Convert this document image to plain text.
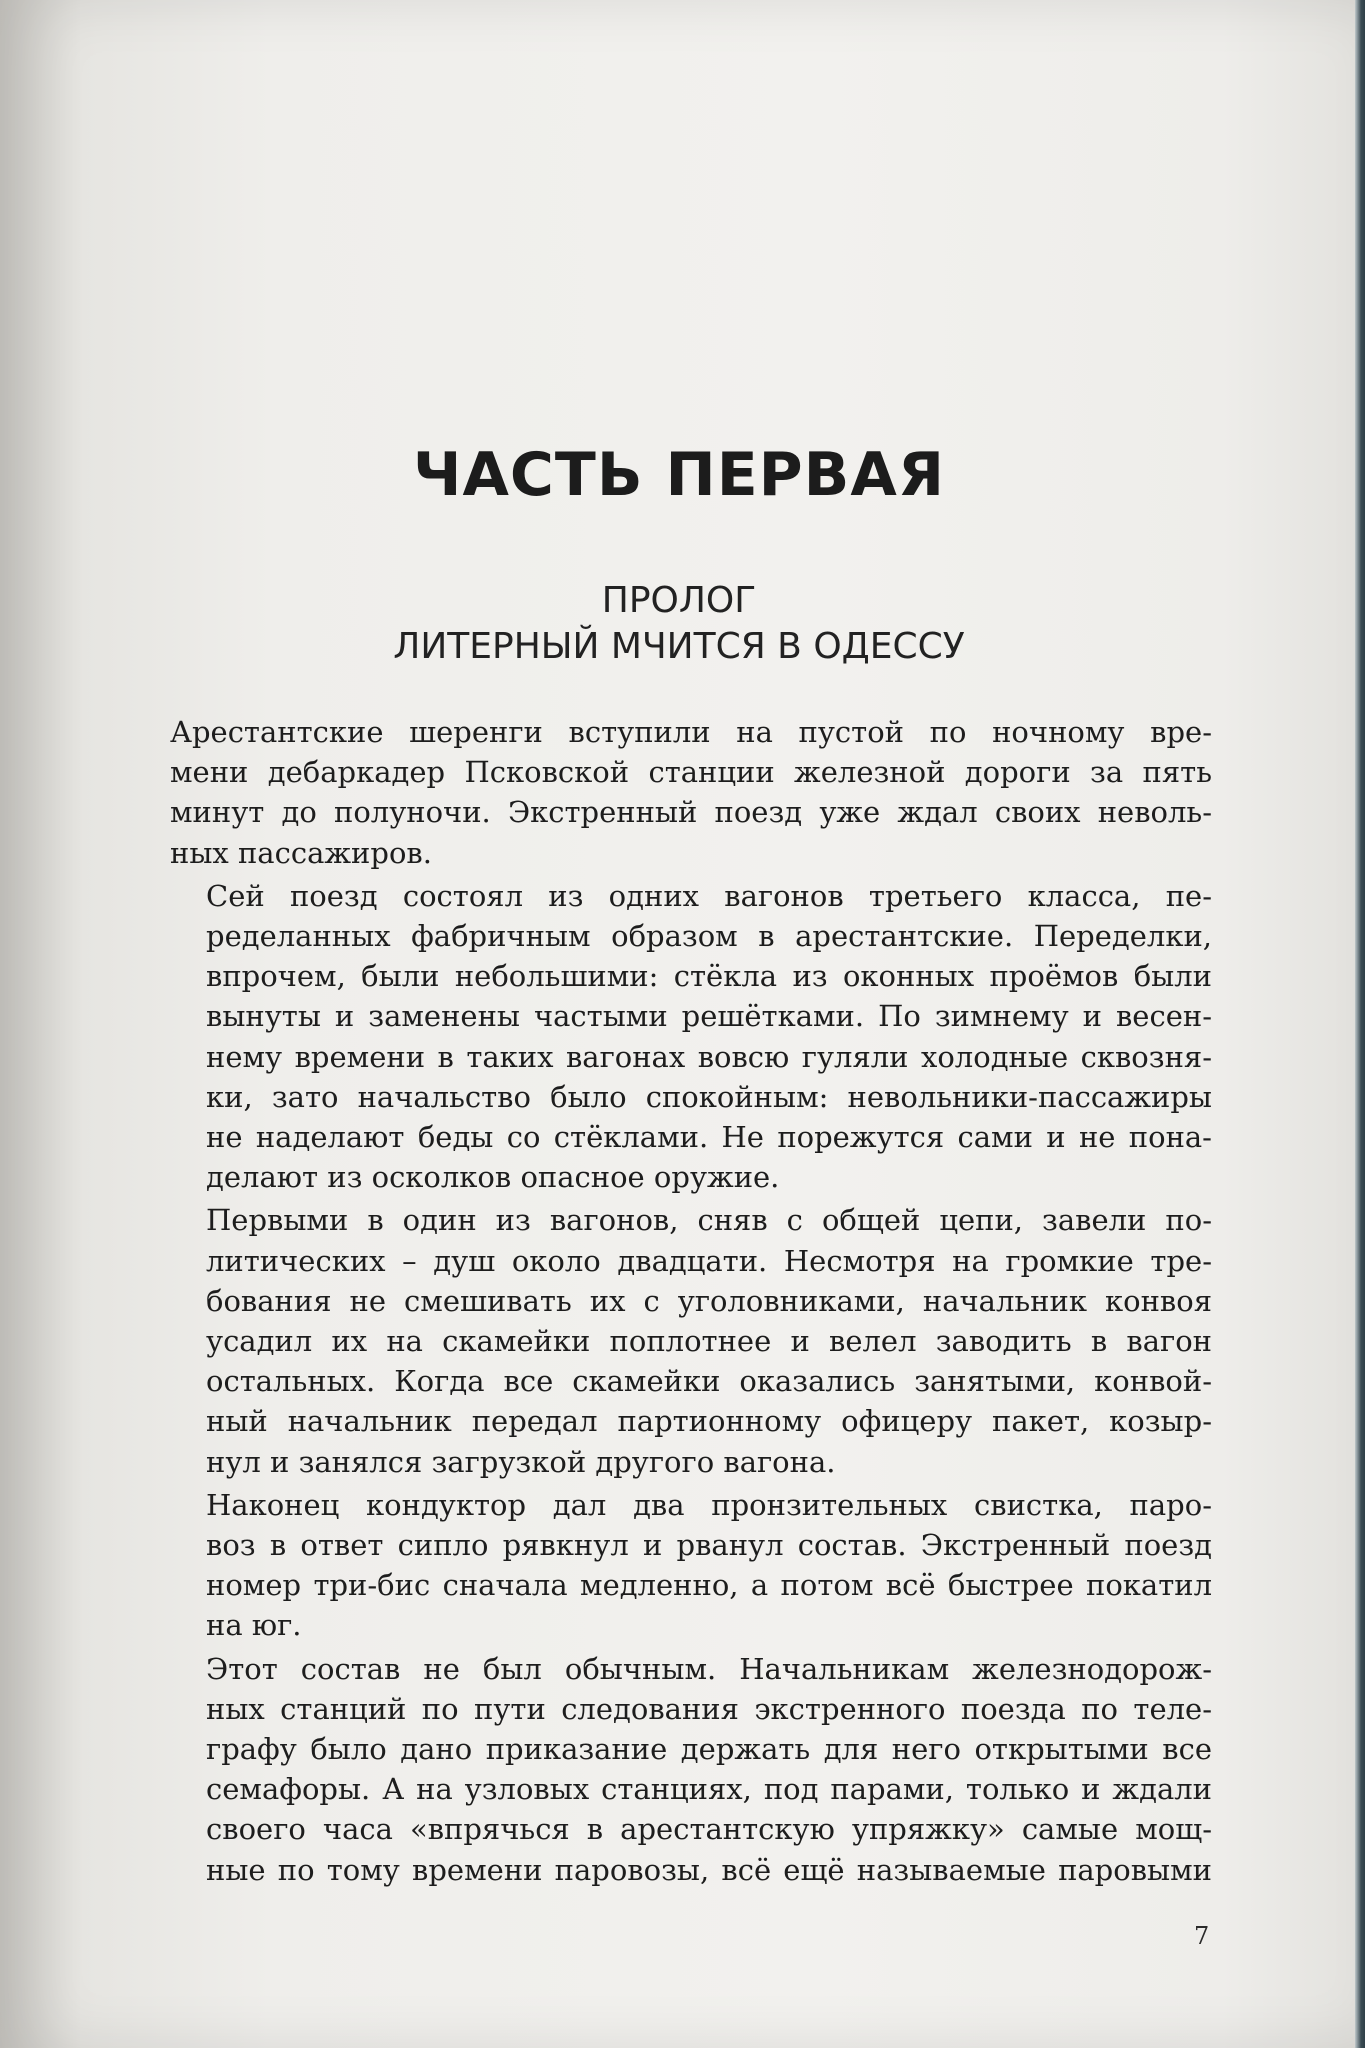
ЧАСТЬ ПЕРВАЯ
ПРОЛОГ
ЛИТЕРНЫЙ МЧИТСЯ В ОДЕССУ

Арестантские шеренги вступили на пустой по ночному вре-
мени дебаркадер Псковской станции железной дороги за пять
минут до полуночи. Экстренный поезд уже ждал своих неволь-
ных пассажиров.

Сей поезд состоял из одних вагонов третьего класса, пе-
ределанных фабричным образом в арестантские. Переделки,
впрочем, были небольшими: стёкла из оконных проёмов были
вынуты и заменены частыми решётками. По зимнему и весен-
нему времени в таких вагонах вовсю гуляли холодные сквозня-
ки, зато начальство было спокойным: невольники-пассажиры
не наделают беды со стёклами. Не порежутся сами и не пона-
делают из осколков опасное оружие.

Первыми в один из вагонов, сняв с общей цепи, завели по-
литических – душ около двадцати. Несмотря на громкие тре-
бования не смешивать их с уголовниками, начальник конвоя
усадил их на скамейки поплотнее и велел заводить в вагон
остальных. Когда все скамейки оказались занятыми, конвой-
ный начальник передал партионному офицеру пакет, козыр-
нул и занялся загрузкой другого вагона.

Наконец кондуктор дал два пронзительных свистка, паро-
воз в ответ сипло рявкнул и рванул состав. Экстренный поезд
номер три-бис сначала медленно, а потом всё быстрее покатил
на юг.

Этот состав не был обычным. Начальникам железнодорож-
ных станций по пути следования экстренного поезда по теле-
графу было дано приказание держать для него открытыми все
семафоры. А на узловых станциях, под парами, только и ждали
своего часа «впрячься в арестантскую упряжку» самые мощ-
ные по тому времени паровозы, всё ещё называемые паровыми

7
